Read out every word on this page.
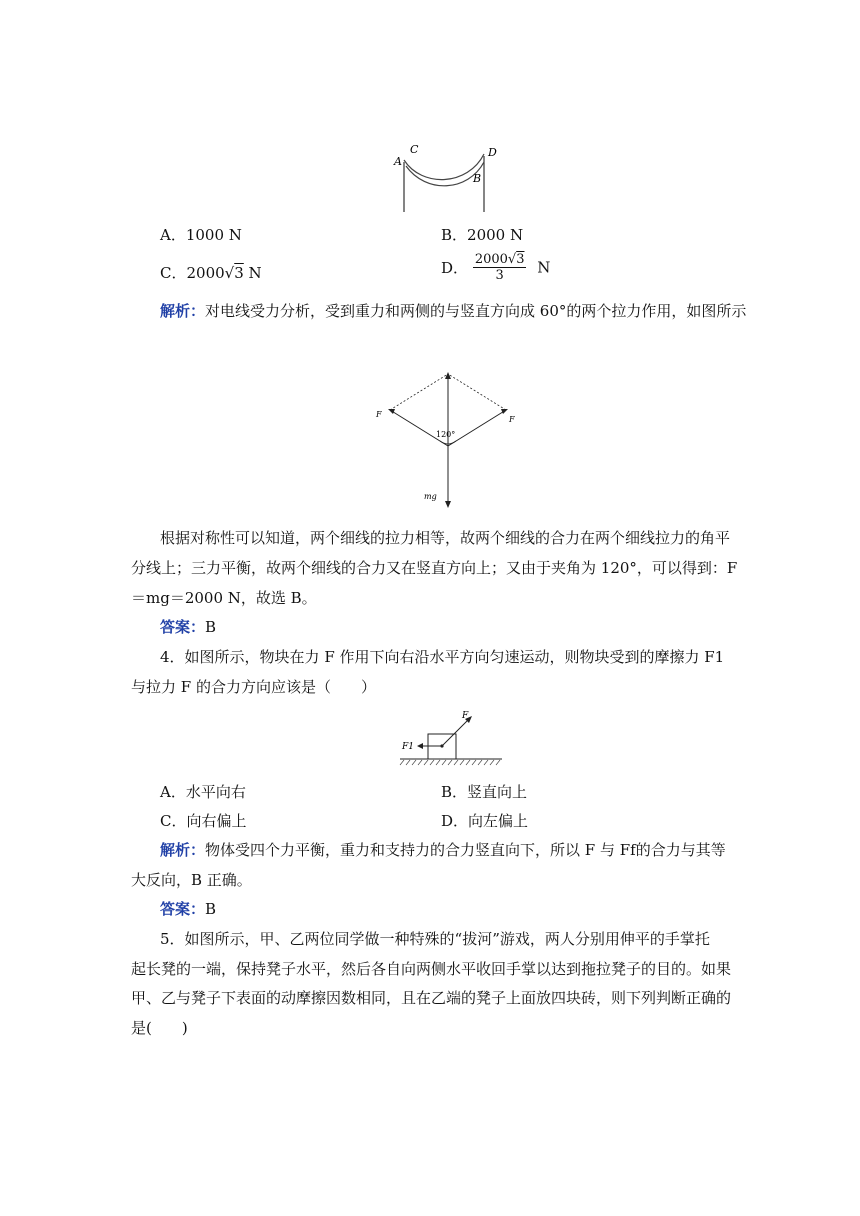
A
C	D
B
A．1000 N	B．2000 N
C．2000√3 N	D． $\frac{2000√3}{3}$ N
解析：对电线受力分析，受到重力和两侧的与竖直方向成 60°的两个拉力作用，如图所示
F
F
120°
mg
根据对称性可以知道，两个细线的拉力相等，故两个细线的合力在两个细线拉力的角平
分线上；三力平衡，故两个细线的合力又在竖直方向上；又由于夹角为 120°，可以得到：F
＝mg＝2000 N，故选 B。
答案：B
4．如图所示，物块在力 F 作用下向右沿水平方向匀速运动，则物块受到的摩擦力 F1
与拉力 F 的合力方向应该是（　　）
F
F1
A．水平向右	B．竖直向上
C．向右偏上	D．向左偏上
解析：物体受四个力平衡，重力和支持力的合力竖直向下，所以 F 与 Ff的合力与其等
大反向，B 正确。
答案：B
5．如图所示，甲、乙两位同学做一种特殊的“拔河”游戏，两人分别用伸平的手掌托
起长凳的一端，保持凳子水平，然后各自向两侧水平收回手掌以达到拖拉凳子的目的。如果
甲、乙与凳子下表面的动摩擦因数相同，且在乙端的凳子上面放四块砖，则下列判断正确的
是(　　)
